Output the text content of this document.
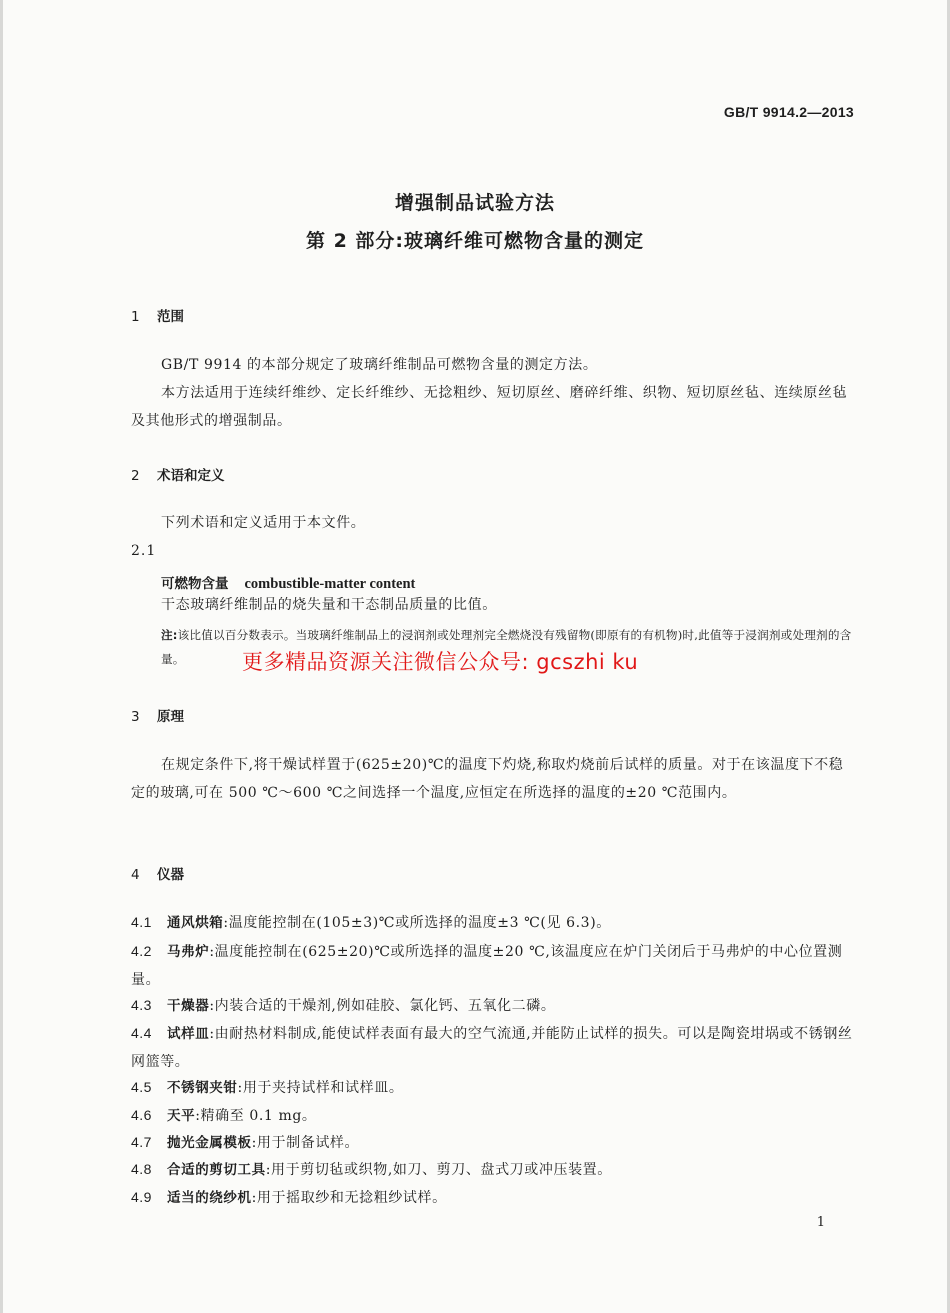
GB/T 9914.2—2013
增强制品试验方法
第 2 部分:玻璃纤维可燃物含量的测定
1 范围
GB/T 9914 的本部分规定了玻璃纤维制品可燃物含量的测定方法。
本方法适用于连续纤维纱、定长纤维纱、无捻粗纱、短切原丝、磨碎纤维、织物、短切原丝毡、连续原丝毡及其他形式的增强制品。
2 术语和定义
下列术语和定义适用于本文件。
2.1
可燃物含量 combustible-matter content
干态玻璃纤维制品的烧失量和干态制品质量的比值。
注:该比值以百分数表示。当玻璃纤维制品上的浸润剂或处理剂完全燃烧没有残留物(即原有的有机物)时,此值等于浸润剂或处理剂的含量。	更多精品资源关注微信公众号: gcszhi ku
3 原理
在规定条件下,将干燥试样置于(625±20)℃的温度下灼烧,称取灼烧前后试样的质量。对于在该温度下不稳定的玻璃,可在 500 ℃～600 ℃之间选择一个温度,应恒定在所选择的温度的±20 ℃范围内。
4 仪器
4.1 通风烘箱:温度能控制在(105±3)℃或所选择的温度±3 ℃(见 6.3)。
4.2 马弗炉:温度能控制在(625±20)℃或所选择的温度±20 ℃,该温度应在炉门关闭后于马弗炉的中心位置测量。
4.3 干燥器:内装合适的干燥剂,例如硅胶、氯化钙、五氧化二磷。
4.4 试样皿:由耐热材料制成,能使试样表面有最大的空气流通,并能防止试样的损失。可以是陶瓷坩埚或不锈钢丝网篮等。
4.5 不锈钢夹钳:用于夹持试样和试样皿。
4.6 天平:精确至 0.1 mg。
4.7 抛光金属模板:用于制备试样。
4.8 合适的剪切工具:用于剪切毡或织物,如刀、剪刀、盘式刀或冲压装置。
4.9 适当的绕纱机:用于摇取纱和无捻粗纱试样。
1
